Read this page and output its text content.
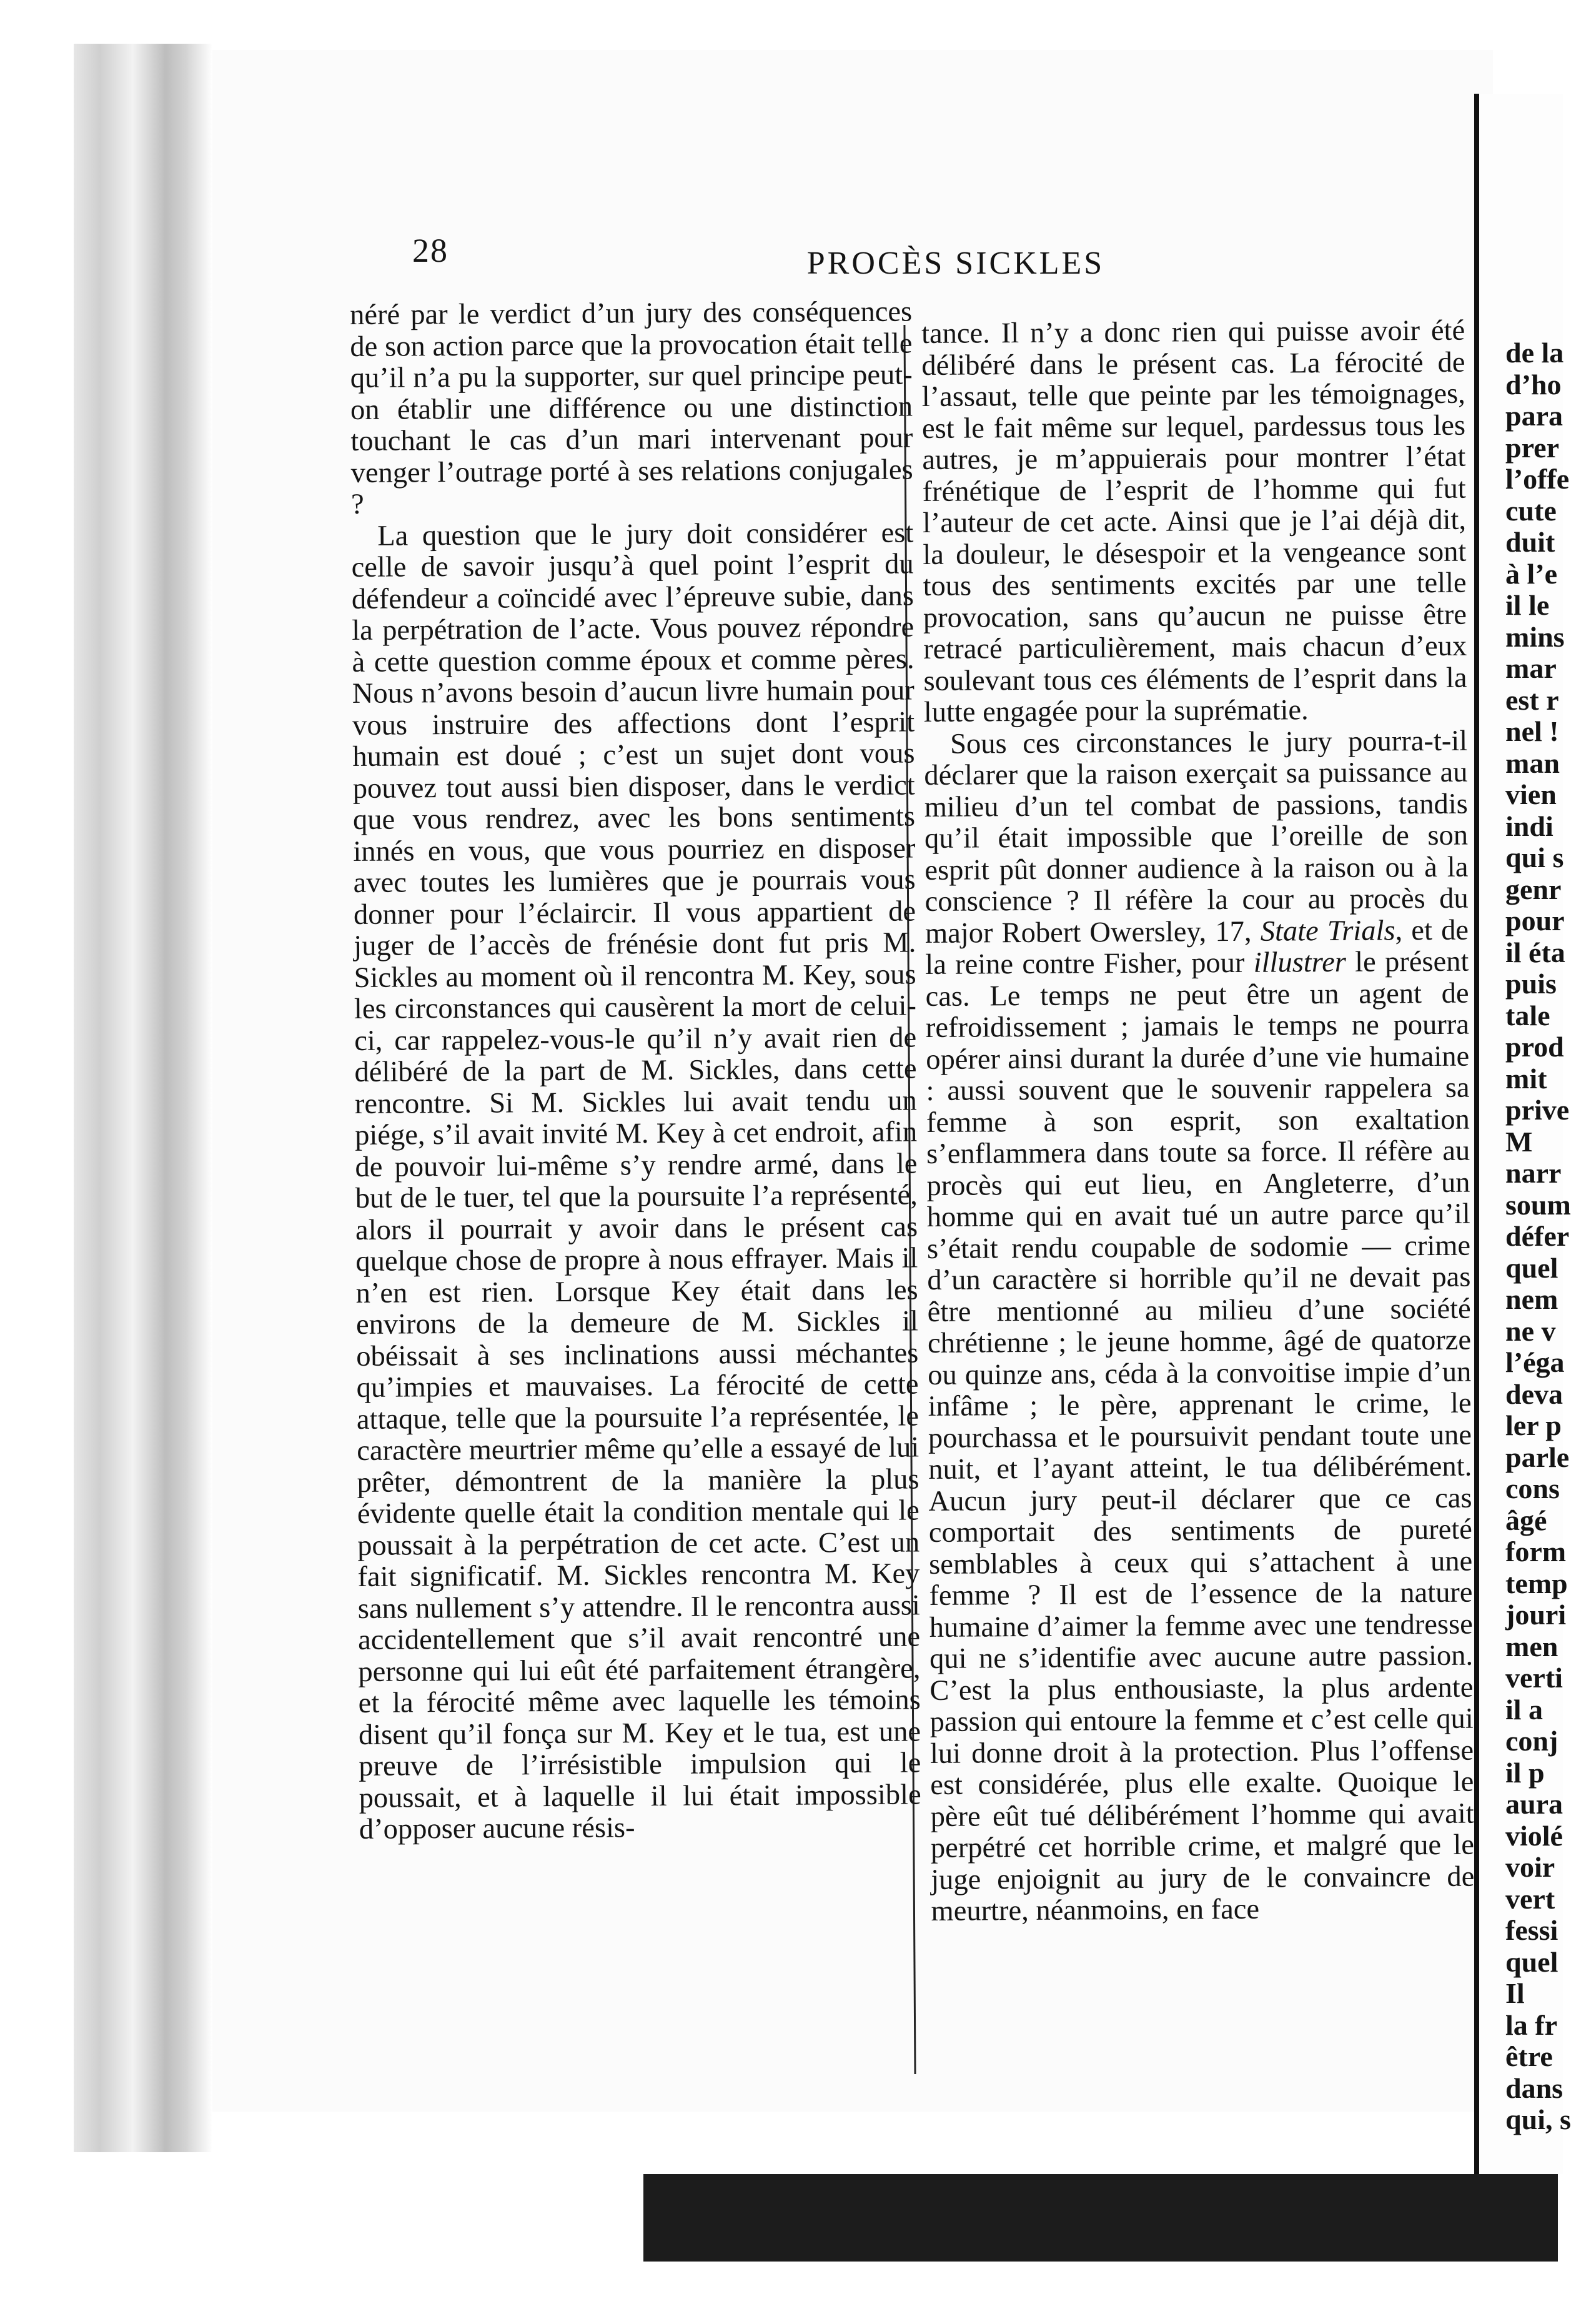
28	PROCÈS SICKLES

néré par le verdict d’un jury des conséquences de son action parce que la provocation était telle qu’il n’a pu la supporter, sur quel principe peut-on établir une différence ou une distinction touchant le cas d’un mari intervenant pour venger l’outrage porté à ses relations conjugales ?

La question que le jury doit considérer est celle de savoir jusqu’à quel point l’esprit du défendeur a coïncidé avec l’épreuve subie, dans la perpétration de l’acte. Vous pouvez répondre à cette question comme époux et comme pères. Nous n’avons besoin d’aucun livre humain pour vous instruire des affections dont l’esprit humain est doué ; c’est un sujet dont vous pouvez tout aussi bien disposer, dans le verdict que vous rendrez, avec les bons sentiments innés en vous, que vous pourriez en disposer avec toutes les lumières que je pourrais vous donner pour l’éclaircir. Il vous appartient de juger de l’accès de frénésie dont fut pris M. Sickles au moment où il rencontra M. Key, sous les circonstances qui causèrent la mort de celui-ci, car rappelez-vous-le qu’il n’y avait rien de délibéré de la part de M. Sickles, dans cette rencontre. Si M. Sickles lui avait tendu un piége, s’il avait invité M. Key à cet endroit, afin de pouvoir lui-même s’y rendre armé, dans le but de le tuer, tel que la poursuite l’a représenté, alors il pourrait y avoir dans le présent cas quelque chose de propre à nous effrayer. Mais il n’en est rien. Lorsque Key était dans les environs de la demeure de M. Sickles il obéissait à ses inclinations aussi méchantes qu’impies et mauvaises. La férocité de cette attaque, telle que la poursuite l’a représentée, le caractère meurtrier même qu’elle a essayé de lui prêter, démontrent de la manière la plus évidente quelle était la condition mentale qui le poussait à la perpétration de cet acte. C’est un fait significatif. M. Sickles rencontra M. Key sans nullement s’y attendre. Il le rencontra aussi accidentellement que s’il avait rencontré une personne qui lui eût été parfaitement étrangère, et la férocité même avec laquelle les témoins disent qu’il fonça sur M. Key et le tua, est une preuve de l’irrésistible impulsion qui le poussait, et à laquelle il lui était impossible d’opposer aucune résis-

tance. Il n’y a donc rien qui puisse avoir été délibéré dans le présent cas. La férocité de l’assaut, telle que peinte par les témoignages, est le fait même sur lequel, pardessus tous les autres, je m’appuierais pour montrer l’état frénétique de l’esprit de l’homme qui fut l’auteur de cet acte. Ainsi que je l’ai déjà dit, la douleur, le désespoir et la vengeance sont tous des sentiments excités par une telle provocation, sans qu’aucun ne puisse être retracé particulièrement, mais chacun d’eux soulevant tous ces éléments de l’esprit dans la lutte engagée pour la suprématie.

Sous ces circonstances le jury pourra-t-il déclarer que la raison exerçait sa puissance au milieu d’un tel combat de passions, tandis qu’il était impossible que l’oreille de son esprit pût donner audience à la raison ou à la conscience ? Il réfère la cour au procès du major Robert Owersley, 17, State Trials, et de la reine contre Fisher, pour illustrer le présent cas. Le temps ne peut être un agent de refroidissement ; jamais le temps ne pourra opérer ainsi durant la durée d’une vie humaine : aussi souvent que le souvenir rappelera sa femme à son esprit, son exaltation s’enflammera dans toute sa force. Il réfère au procès qui eut lieu, en Angleterre, d’un homme qui en avait tué un autre parce qu’il s’était rendu coupable de sodomie — crime d’un caractère si horrible qu’il ne devait pas être mentionné au milieu d’une société chrétienne ; le jeune homme, âgé de quatorze ou quinze ans, céda à la convoitise impie d’un infâme ; le père, apprenant le crime, le pourchassa et le poursuivit pendant toute une nuit, et l’ayant atteint, le tua délibérément. Aucun jury peut-il déclarer que ce cas comportait des sentiments de pureté semblables à ceux qui s’attachent à une femme ? Il est de l’essence de la nature humaine d’aimer la femme avec une tendresse qui ne s’identifie avec aucune autre passion. C’est la plus enthousiaste, la plus ardente passion qui entoure la femme et c’est celle qui lui donne droit à la protection. Plus l’offense est considérée, plus elle exalte. Quoique le père eût tué délibérément l’homme qui avait perpétré cet horrible crime, et malgré que le juge enjoignit au jury de le convaincre de meurtre, néanmoins, en face

de la
d’ho
para
prer
l’offe
cute
duit
à l’e
il le
mins
mar
est r
nel !
man
vien
indi
qui s
genr
pour
il éta
puis
tale
prod
mit
prive
M
narr
soum
défer
quel
nem
ne v
l’éga
deva
ler p
parle
cons
âgé
form
temp
jouri
men
verti
il a
conj
il p
aura
violé
voir
vert
fessi
quel
Il
la fr
être
dans
qui, s
